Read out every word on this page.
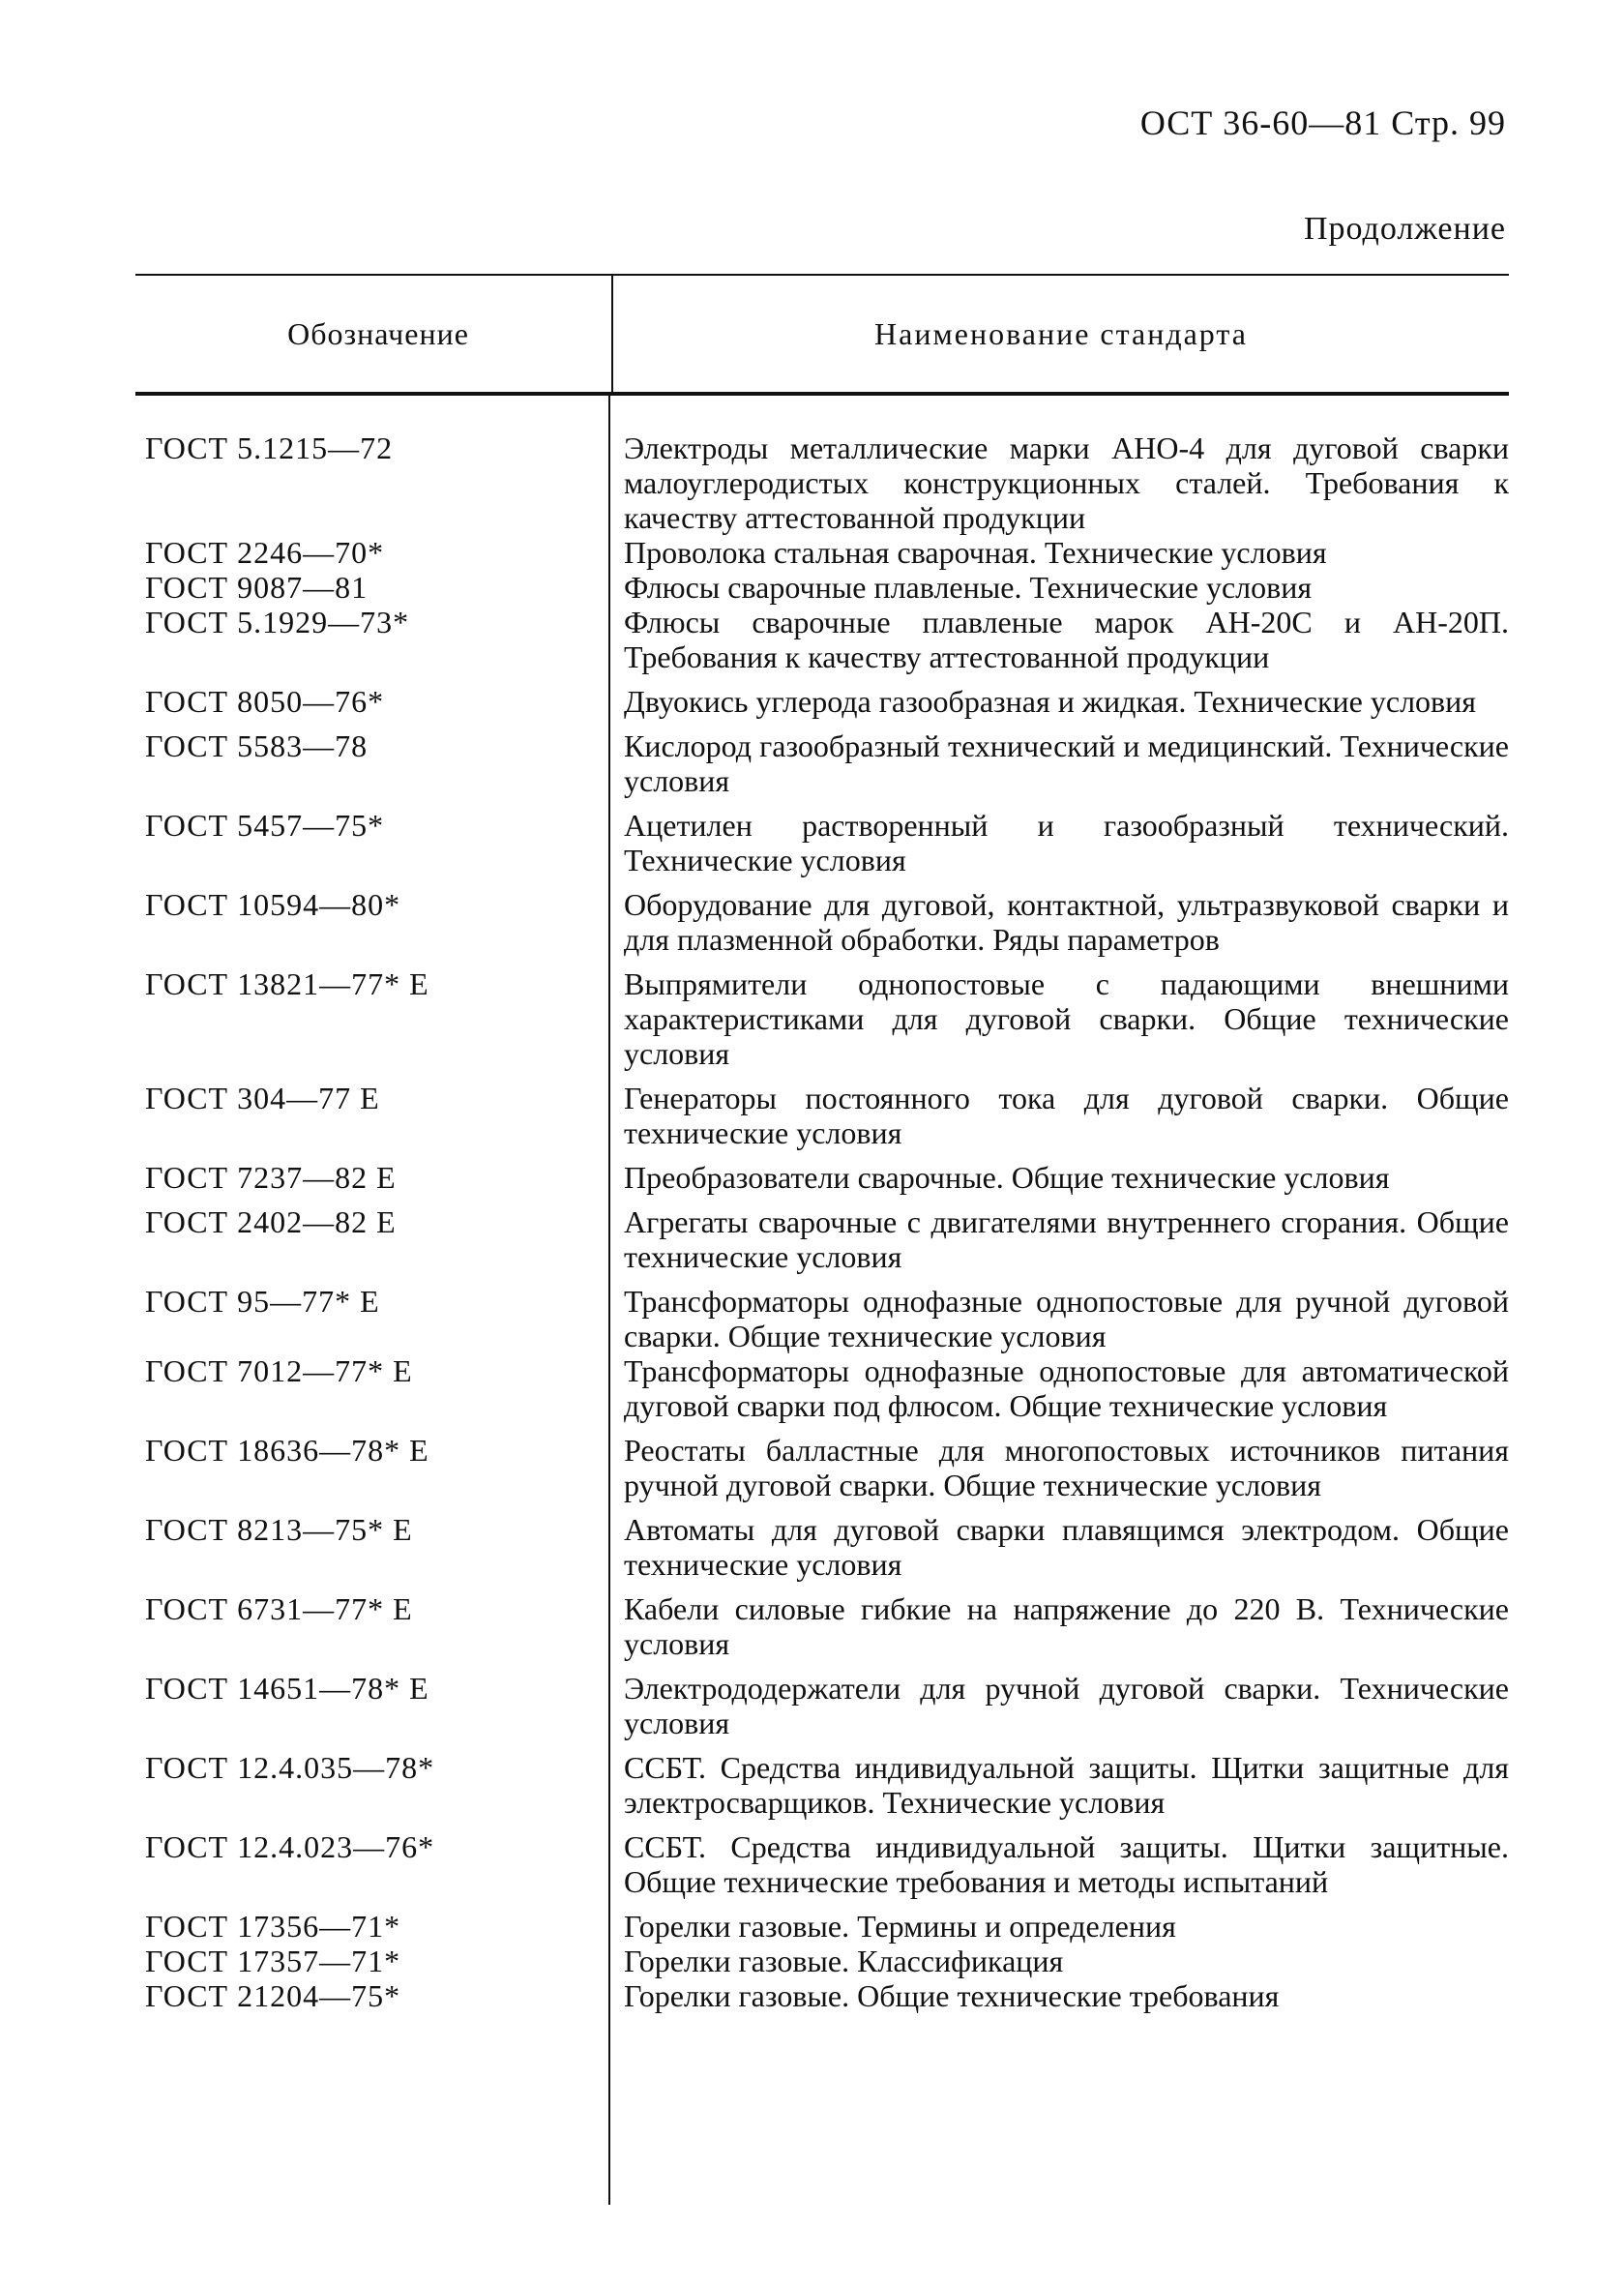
ОСТ 36-60—81 Стр. 99
Продолжение
Обозначение	Наименование стандарта
ГОСТ 5.1215—72	Электроды металлические марки АНО-4 для дуговой сварки малоуглеродистых конструкционных сталей. Требования к качеству аттестованной продукции
ГОСТ 2246—70*	Проволока стальная сварочная. Технические условия
ГОСТ 9087—81	Флюсы сварочные плавленые. Технические условия
ГОСТ 5.1929—73*	Флюсы сварочные плавленые марок АН-20С и АН-20П. Требования к качеству аттестованной продукции
ГОСТ 8050—76*	Двуокись углерода газообразная и жидкая. Технические условия
ГОСТ 5583—78	Кислород газообразный технический и медицинский. Технические условия
ГОСТ 5457—75*	Ацетилен растворенный и газообразный технический. Технические условия
ГОСТ 10594—80*	Оборудование для дуговой, контактной, ультразвуковой сварки и для плазменной обработки. Ряды параметров
ГОСТ 13821—77* Е	Выпрямители однопостовые с падающими внешними характеристиками для дуговой сварки. Общие технические условия
ГОСТ 304—77 Е	Генераторы постоянного тока для дуговой сварки. Общие технические условия
ГОСТ 7237—82 Е	Преобразователи сварочные. Общие технические условия
ГОСТ 2402—82 Е	Агрегаты сварочные с двигателями внутреннего сгорания. Общие технические условия
ГОСТ 95—77* Е	Трансформаторы однофазные однопостовые для ручной дуговой сварки. Общие технические условия
ГОСТ 7012—77* Е	Трансформаторы однофазные однопостовые для автоматической дуговой сварки под флюсом. Общие технические условия
ГОСТ 18636—78* Е	Реостаты балластные для многопостовых источников питания ручной дуговой сварки. Общие технические условия
ГОСТ 8213—75* Е	Автоматы для дуговой сварки плавящимся электродом. Общие технические условия
ГОСТ 6731—77* Е	Кабели силовые гибкие на напряжение до 220 В. Технические условия
ГОСТ 14651—78* Е	Электрододержатели для ручной дуговой сварки. Технические условия
ГОСТ 12.4.035—78*	ССБТ. Средства индивидуальной защиты. Щитки защитные для электросварщиков. Технические условия
ГОСТ 12.4.023—76*	ССБТ. Средства индивидуальной защиты. Щитки защитные. Общие технические требования и методы испытаний
ГОСТ 17356—71*	Горелки газовые. Термины и определения
ГОСТ 17357—71*	Горелки газовые. Классификация
ГОСТ 21204—75*	Горелки газовые. Общие технические требования
